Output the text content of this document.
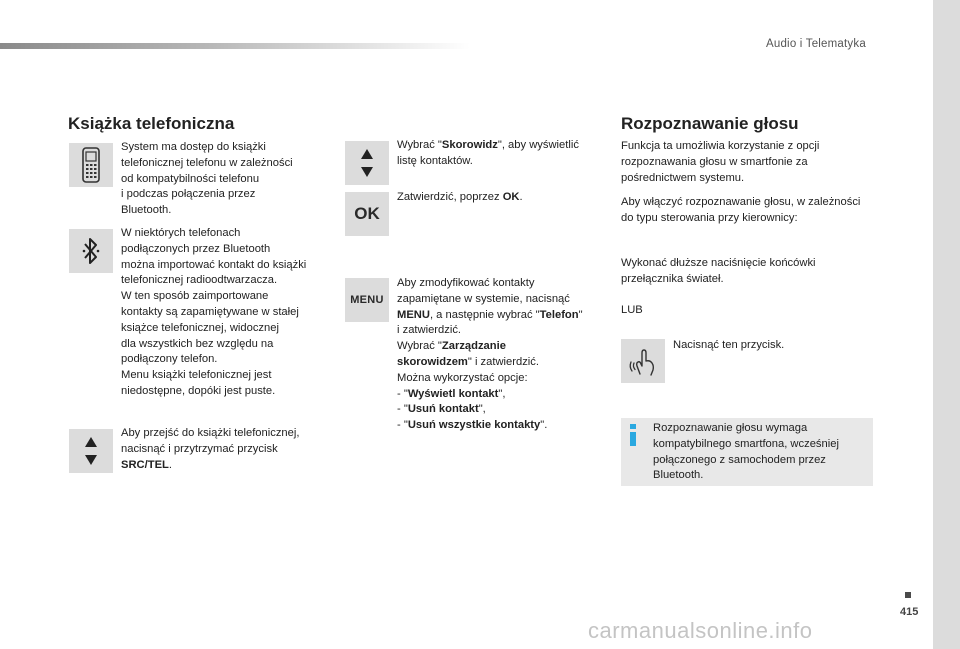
Audio i Telematyka
Książka telefoniczna

System ma dostęp do książki
telefonicznej telefonu w zależności
od kompatybilności telefonu
i podczas połączenia przez
Bluetooth.

W niektórych telefonach
podłączonych przez Bluetooth
można importować kontakt do książki
telefonicznej radioodtwarzacza.
W ten sposób zaimportowane
kontakty są zapamiętywane w stałej
książce telefonicznej, widocznej
dla wszystkich bez względu na
podłączony telefon.
Menu książki telefonicznej jest
niedostępne, dopóki jest puste.

Aby przejść do książki telefonicznej,
nacisnąć i przytrzymać przycisk
SRC/TEL.

Wybrać "Skorowidz", aby wyświetlić
listę kontaktów.

OK

Zatwierdzić, poprzez OK.

MENU

Aby zmodyfikować kontakty
zapamiętane w systemie, nacisnąć
MENU, a następnie wybrać "Telefon"
i zatwierdzić.
Wybrać "Zarządzanie
skorowidzem" i zatwierdzić.
Można wykorzystać opcje:
- "Wyświetl kontakt",
- "Usuń kontakt",
- "Usuń wszystkie kontakty".

Rozpoznawanie głosu

Funkcja ta umożliwia korzystanie z opcji
rozpoznawania głosu w smartfonie za
pośrednictwem systemu.

Aby włączyć rozpoznawanie głosu, w zależności
do typu sterowania przy kierownicy:

Wykonać dłuższe naciśnięcie końcówki
przełącznika świateł.

LUB

Nacisnąć ten przycisk.

Rozpoznawanie głosu wymaga
kompatybilnego smartfona, wcześniej
połączonego z samochodem przez
Bluetooth.

415
carmanualsonline.info
